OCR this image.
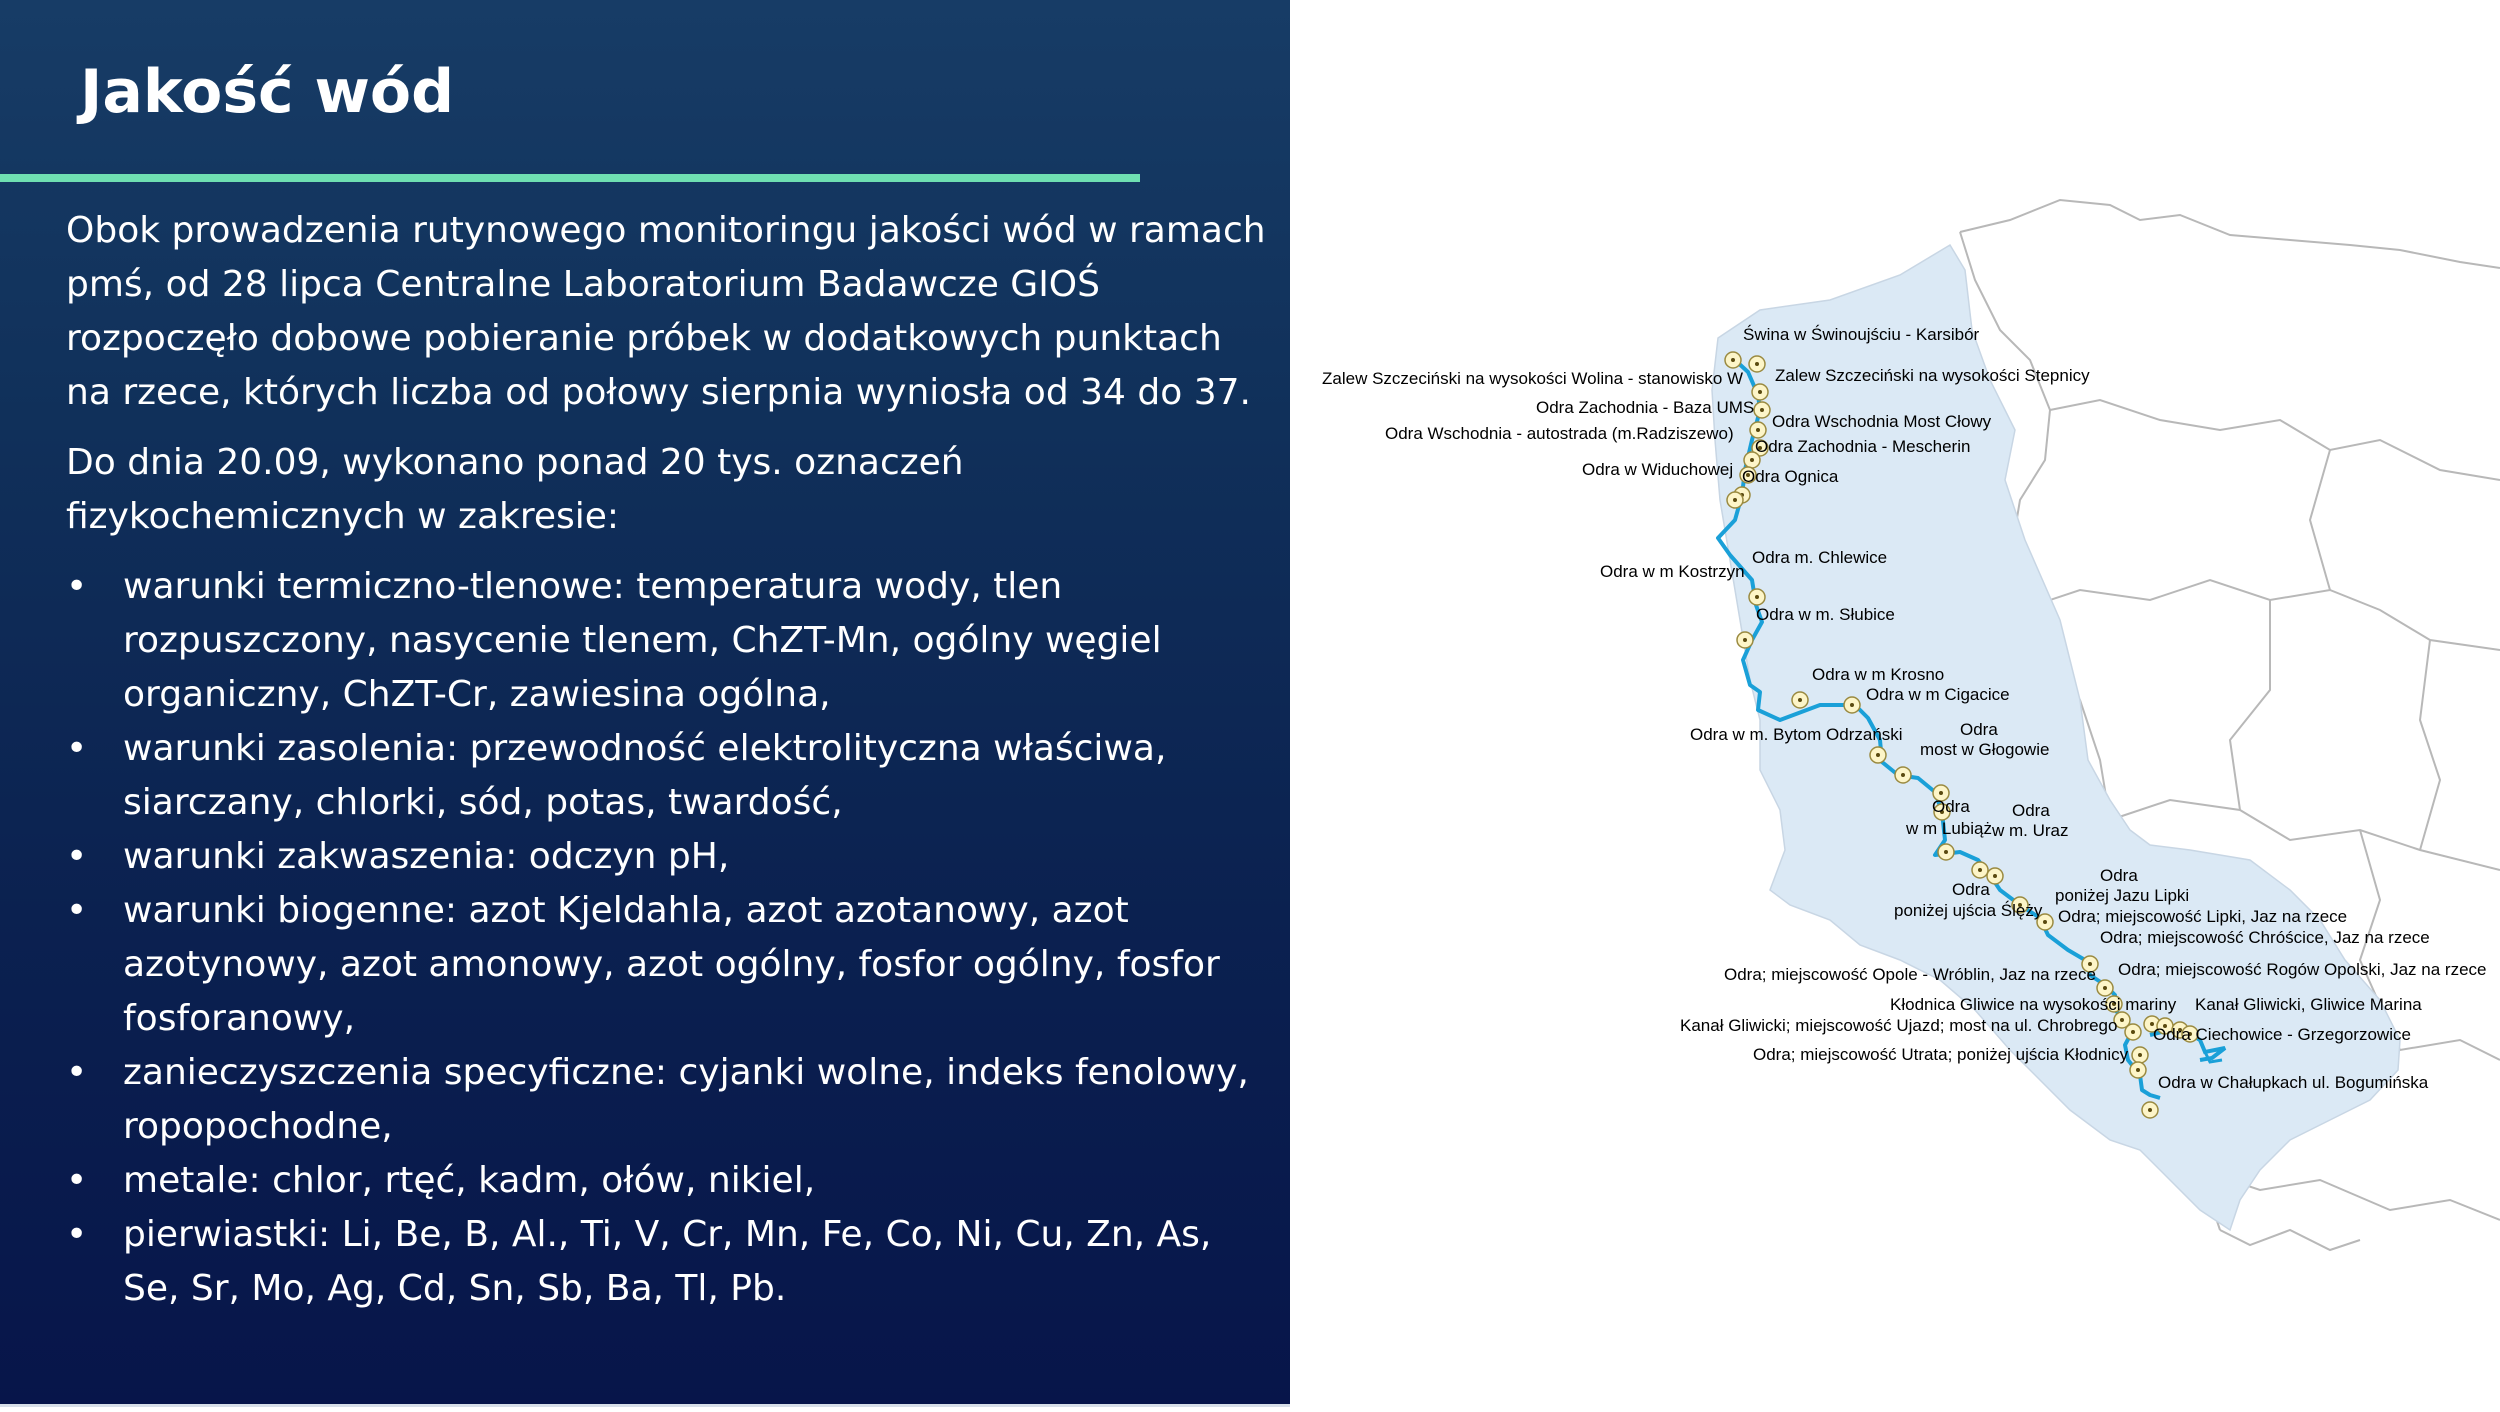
Jakość wód

Obok prowadzenia rutynowego monitoringu jakości wód w ramach pmś, od 28 lipca Centralne Laboratorium Badawcze GIOŚ rozpoczęło dobowe pobieranie próbek w dodatkowych punktach na rzece, których liczba od połowy sierpnia wyniosła od 34 do 37.

Do dnia 20.09, wykonano ponad 20 tys. oznaczeń fizykochemicznych w zakresie:

• warunki termiczno-tlenowe: temperatura wody, tlen rozpuszczony, nasycenie tlenem, ChZT-Mn, ogólny węgiel organiczny, ChZT-Cr, zawiesina ogólna,
• warunki zasolenia: przewodność elektrolityczna właściwa, siarczany, chlorki, sód, potas, twardość,
• warunki zakwaszenia: odczyn pH,
• warunki biogenne: azot Kjeldahla, azot azotanowy, azot azotynowy, azot amonowy, azot ogólny, fosfor ogólny, fosfor fosforanowy,
• zanieczyszczenia specyficzne: cyjanki wolne, indeks fenolowy, ropopochodne,
• metale: chlor, rtęć, kadm, ołów, nikiel,
• pierwiastki: Li, Be, B, Al., Ti, V, Cr, Mn, Fe, Co, Ni, Cu, Zn, As, Se, Sr, Mo, Ag, Cd, Sn, Sb, Ba, Tl, Pb.
Świna w Świnoujściu - Karsibór
Zalew Szczeciński na wysokości Wolina - stanowisko W Zalew Szczeciński na wysokości Stepnicy
Odra Zachodnia - Baza UMS
Odra Wschodnia Most Cłowy
Odra Wschodnia - autostrada (m.Radziszewo)
Odra Zachodnia - Mescherin
Odra w Widuchowej Odra Ognica
Odra m. Chlewice
Odra w m Kostrzyn
Odra w m. Słubice
Odra w m Krosno
Odra w m Cigacice
Odra w m. Bytom Odrzański	Odra
most w Głogowie
Odra
w m Lubiąż
Odra
w m. Uraz
Odra
poniżej Jazu Lipki
Odra
poniżej ujścia Ślęży Odra; miejscowość Lipki, Jaz na rzece
Odra; miejscowość Chróścice, Jaz na rzece
Odra; miejscowość Opole - Wróblin, Jaz na rzece Odra; miejscowość Rogów Opolski, Jaz na rzece
Kłodnica Gliwice na wysokości mariny Kanał Gliwicki, Gliwice Marina
Kanał Gliwicki; miejscowość Ujazd; most na ul. Chrobrego Odra Ciechowice - Grzegorzowice
Odra; miejscowość Utrata; poniżej ujścia Kłodnicy
Odra w Chałupkach ul. Bogumińska
